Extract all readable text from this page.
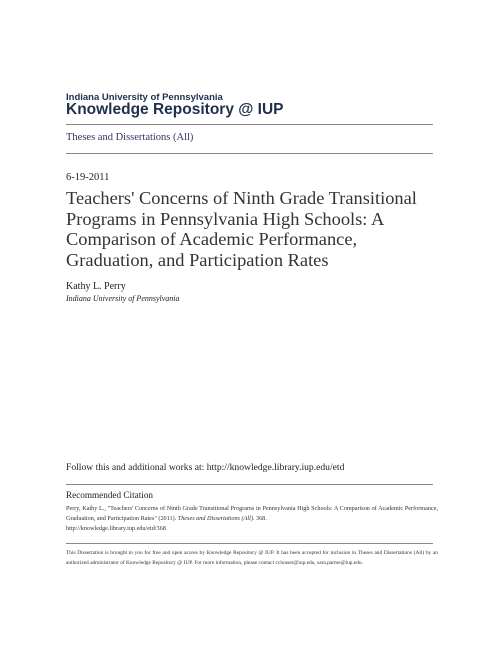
Indiana University of Pennsylvania
Knowledge Repository @ IUP
Theses and Dissertations (All)
6-19-2011
Teachers' Concerns of Ninth Grade Transitional Programs in Pennsylvania High Schools: A Comparison of Academic Performance, Graduation, and Participation Rates
Kathy L. Perry
Indiana University of Pennsylvania
Follow this and additional works at: http://knowledge.library.iup.edu/etd
Recommended Citation
Perry, Kathy L., "Teachers' Concerns of Ninth Grade Transitional Programs in Pennsylvania High Schools: A Comparison of Academic Performance, Graduation, and Participation Rates" (2011). Theses and Dissertations (All). 368.
http://knowledge.library.iup.edu/etd/368
This Dissertation is brought to you for free and open access by Knowledge Repository @ IUP. It has been accepted for inclusion in Theses and Dissertations (All) by an authorized administrator of Knowledge Repository @ IUP. For more information, please contact cclouser@iup.edu, sara.parme@iup.edu.
